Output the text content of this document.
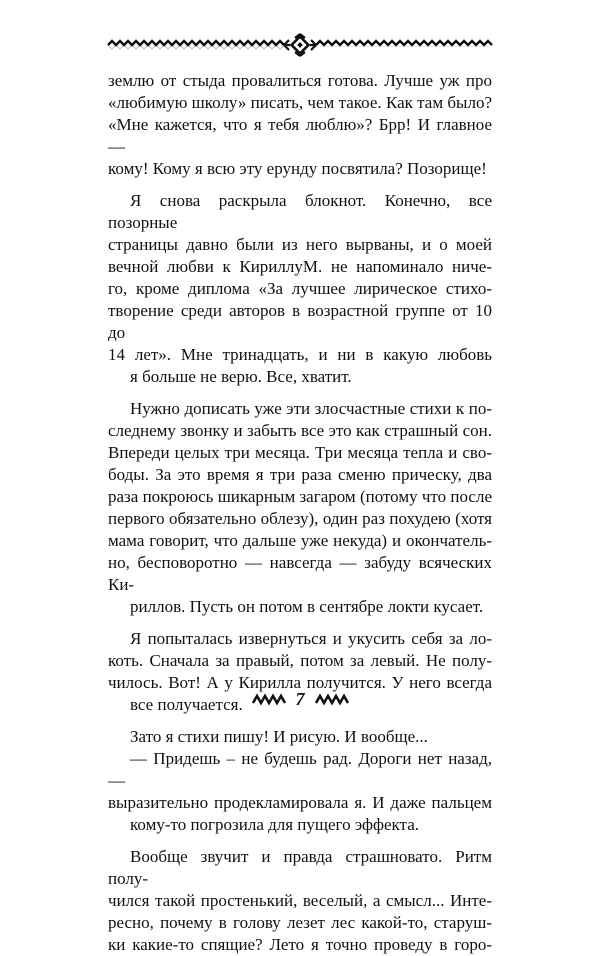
землю от стыда провалиться готова. Лучше уж про
«любимую школу» писать, чем такое. Как там было?
«Мне кажется, что я тебя люблю»? Брр! И главное —

кому! Кому я всю эту ерунду посвятила? Позорище!

Я снова раскрыла блокнот. Конечно, все позорные
страницы давно были из него вырваны, и о моей
вечной любви к КириллуМ. не напоминало ниче-
го, кроме диплома «За лучшее лирическое стихо-
творение среди авторов в возрастной группе от 10 до
14 лет». Мне тринадцать, и ни в какую любовь

я больше не верю. Все, хватит.

Нужно дописать уже эти злосчастные стихи к по-
следнему звонку и забыть все это как страшный сон.
Впереди целых три месяца. Три месяца тепла и сво-
боды. За это время я три раза сменю прическу, два
раза покроюсь шикарным загаром (потому что после
первого обязательно облезу), один раз похудею (хотя
мама говорит, что дальше уже некуда) и окончатель-
но, бесповоротно — навсегда — забуду всяческих Ки-

риллов. Пусть он потом в сентябре локти кусает.

Я попыталась извернуться и укусить себя за ло-
коть. Сначала за правый, потом за левый. Не полу-
чилось. Вот! А у Кирилла получится. У него всегда

все получается.

Зато я стихи пишу! И рисую. И вообще...

— Придешь – не будешь рад. Дороги нет назад, —
выразительно продекламировала я. И даже пальцем

кому-то погрозила для пущего эффекта.

Вообще звучит и правда страшновато. Ритм полу-
чился такой простенький, веселый, а смысл... Инте-
ресно, почему в голову лезет лес какой-то, старуш-
ки какие-то спящие? Лето я точно проведу в горо-

7
